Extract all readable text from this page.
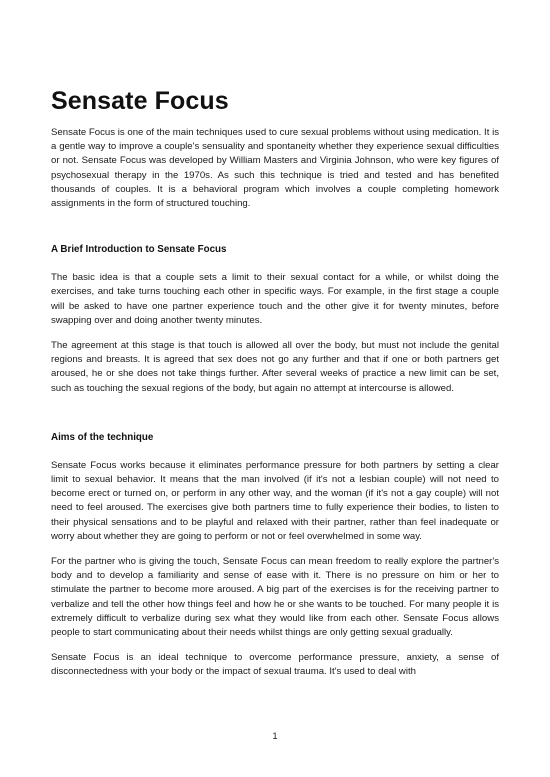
Sensate Focus

Sensate Focus is one of the main techniques used to cure sexual problems without using medication. It is a gentle way to improve a couple's sensuality and spontaneity whether they experience sexual difficulties or not. Sensate Focus was developed by William Masters and Virginia Johnson, who were key figures of psychosexual therapy in the 1970s. As such this technique is tried and tested and has benefited thousands of couples. It is a behavioral program which involves a couple completing homework assignments in the form of structured touching.

A Brief Introduction to Sensate Focus

The basic idea is that a couple sets a limit to their sexual contact for a while, or whilst doing the exercises, and take turns touching each other in specific ways. For example, in the first stage a couple will be asked to have one partner experience touch and the other give it for twenty minutes, before swapping over and doing another twenty minutes.

The agreement at this stage is that touch is allowed all over the body, but must not include the genital regions and breasts. It is agreed that sex does not go any further and that if one or both partners get aroused, he or she does not take things further. After several weeks of practice a new limit can be set, such as touching the sexual regions of the body, but again no attempt at intercourse is allowed.

Aims of the technique

Sensate Focus works because it eliminates performance pressure for both partners by setting a clear limit to sexual behavior. It means that the man involved (if it's not a lesbian couple) will not need to become erect or turned on, or perform in any other way, and the woman (if it's not a gay couple) will not need to feel aroused. The exercises give both partners time to fully experience their bodies, to listen to their physical sensations and to be playful and relaxed with their partner, rather than feel inadequate or worry about whether they are going to perform or not or feel overwhelmed in some way.

For the partner who is giving the touch, Sensate Focus can mean freedom to really explore the partner's body and to develop a familiarity and sense of ease with it. There is no pressure on him or her to stimulate the partner to become more aroused. A big part of the exercises is for the receiving partner to verbalize and tell the other how things feel and how he or she wants to be touched. For many people it is extremely difficult to verbalize during sex what they would like from each other. Sensate Focus allows people to start communicating about their needs whilst things are only getting sexual gradually.

Sensate Focus is an ideal technique to overcome performance pressure, anxiety, a sense of disconnectedness with your body or the impact of sexual trauma. It's used to deal with

1
